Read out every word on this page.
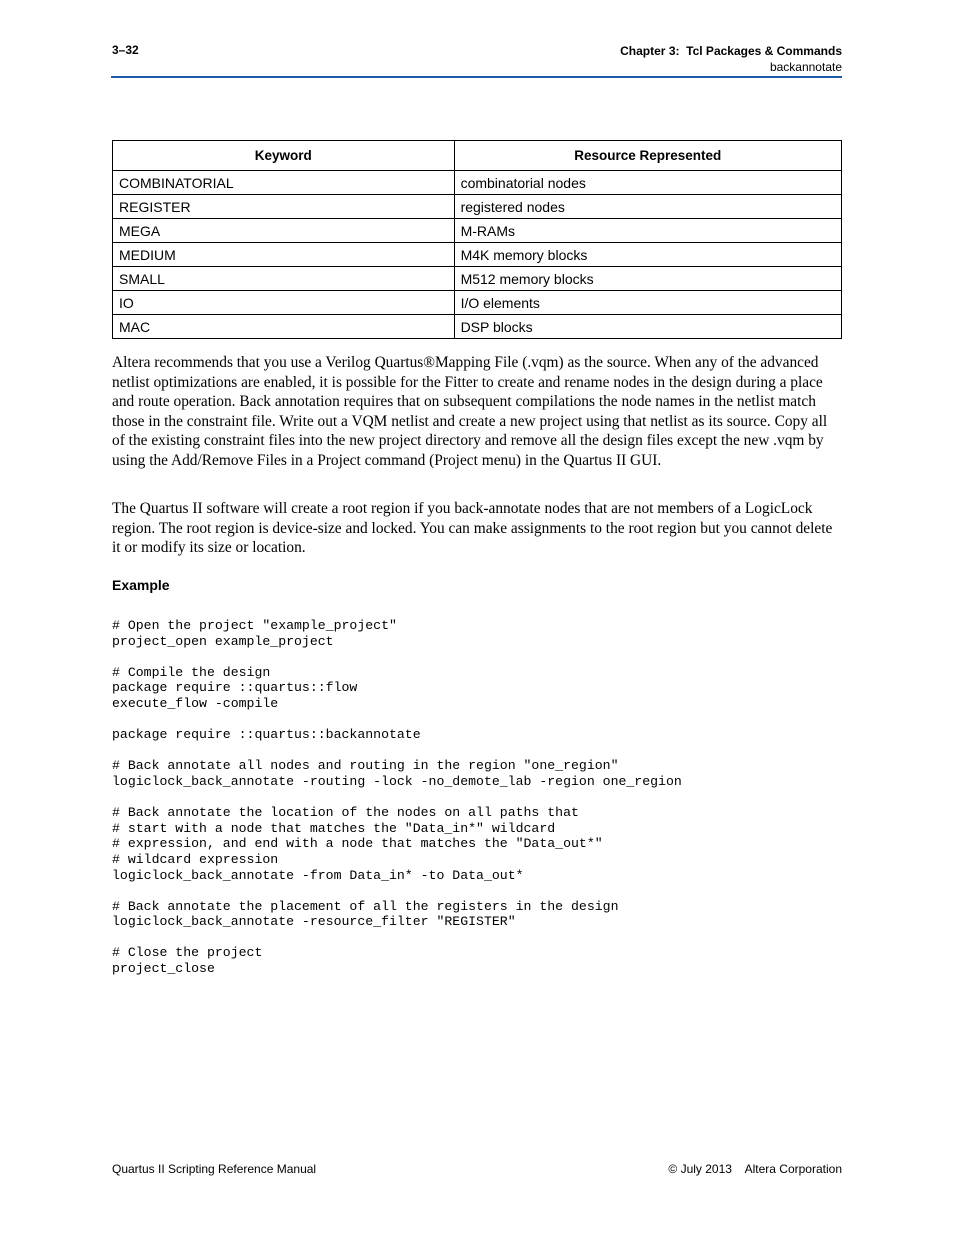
3–32	Chapter 3:  Tcl Packages & Commands
backannotate
Keyword	Resource Represented
COMBINATORIAL	combinatorial nodes
REGISTER	registered nodes
MEGA	M-RAMs
MEDIUM	M4K memory blocks
SMALL	M512 memory blocks
IO	I/O elements
MAC	DSP blocks

Altera recommends that you use a Verilog Quartus®Mapping File (.vqm) as the source. When any of the advanced netlist optimizations are enabled, it is possible for the Fitter to create and rename nodes in the design during a place and route operation. Back annotation requires that on subsequent compilations the node names in the netlist match those in the constraint file. Write out a VQM netlist and create a new project using that netlist as its source. Copy all of the existing constraint files into the new project directory and remove all the design files except the new .vqm by using the Add/Remove Files in a Project command (Project menu) in the Quartus II GUI.

The Quartus II software will create a root region if you back-annotate nodes that are not members of a LogicLock region. The root region is device-size and locked. You can make assignments to the root region but you cannot delete it or modify its size or location.

Example
# Open the project "example_project"
project_open example_project

# Compile the design
package require ::quartus::flow
execute_flow -compile

package require ::quartus::backannotate

# Back annotate all nodes and routing in the region "one_region"
logiclock_back_annotate -routing -lock -no_demote_lab -region one_region

# Back annotate the location of the nodes on all paths that
# start with a node that matches the "Data_in*" wildcard
# expression, and end with a node that matches the "Data_out*"
# wildcard expression
logiclock_back_annotate -from Data_in* -to Data_out*

# Back annotate the placement of all the registers in the design
logiclock_back_annotate -resource_filter "REGISTER"

# Close the project
project_close
Quartus II Scripting Reference Manual	© July 2013    Altera Corporation
